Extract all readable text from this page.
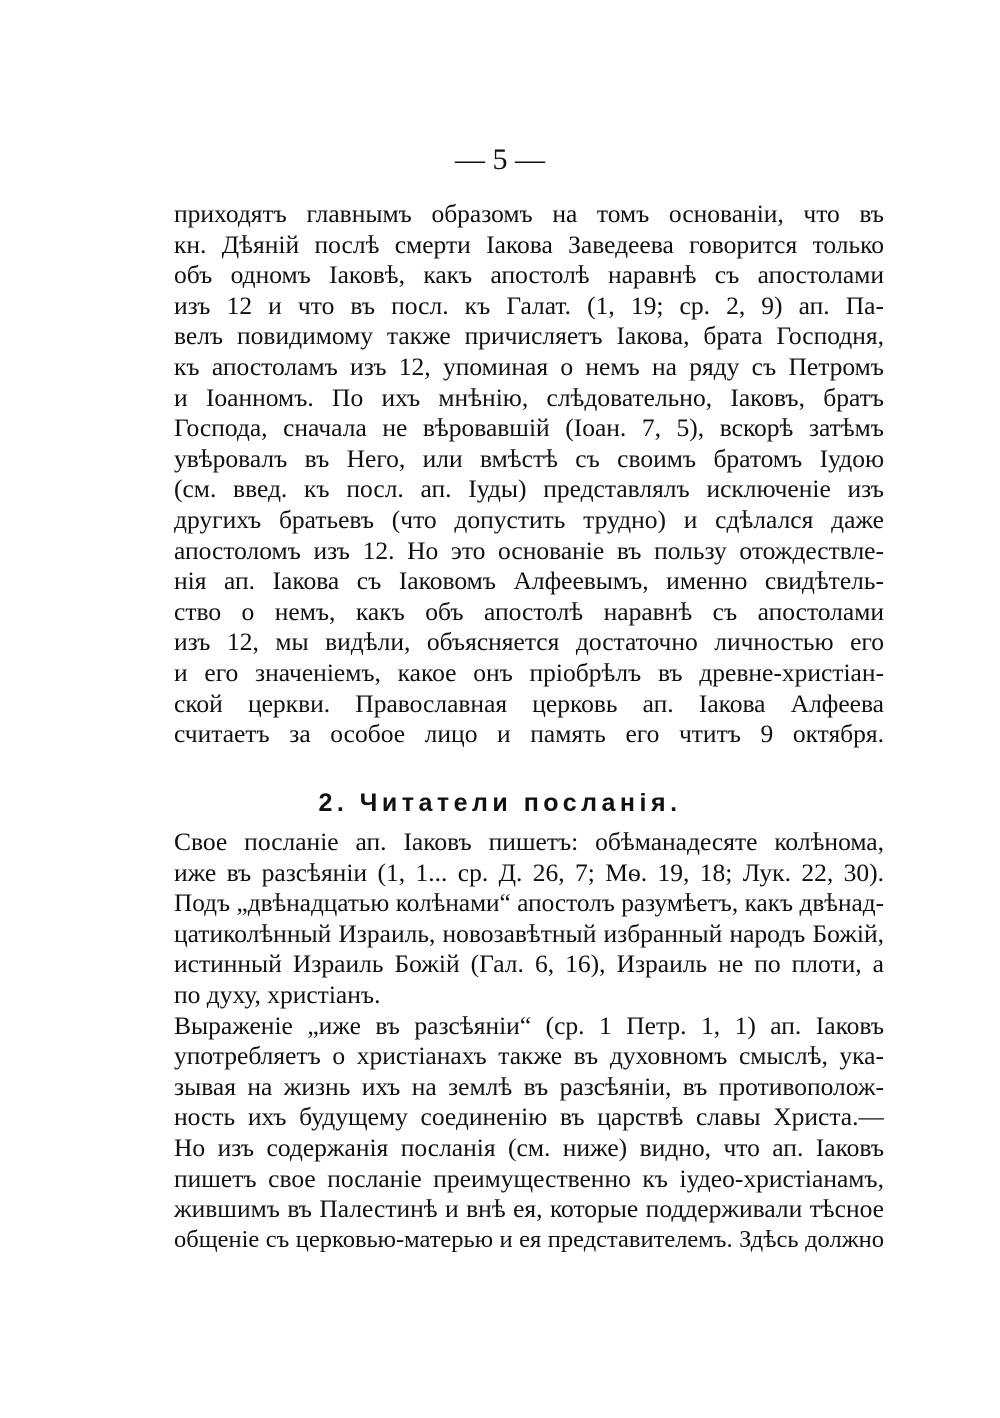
— 5 —
приходятъ главнымъ образомъ на томъ основаніи, что въ
кн. Дѣяній послѣ смерти Іакова Заведеева говорится только
объ одномъ Іаковѣ, какъ апостолѣ наравнѣ съ апостолами
изъ 12 и что въ посл. къ Галат. (1, 19; ср. 2, 9) ап. Па-
велъ повидимому также причисляетъ Іакова, брата Господня,
къ апостоламъ изъ 12, упоминая о немъ на ряду съ Петромъ
и Іоанномъ. По ихъ мнѣнію, слѣдовательно, Іаковъ, братъ
Господа, сначала не вѣровавшій (Іоан. 7, 5), вскорѣ затѣмъ
увѣровалъ въ Него, или вмѣстѣ съ своимъ братомъ Іудою
(см. введ. къ посл. ап. Іуды) представлялъ исключеніе изъ
другихъ братьевъ (что допустить трудно) и сдѣлался даже
апостоломъ изъ 12. Но это основаніе въ пользу отождествле-
нія ап. Іакова съ Іаковомъ Алфеевымъ, именно свидѣтель-
ство о немъ, какъ объ апостолѣ наравнѣ съ апостолами
изъ 12, мы видѣли, объясняется достаточно личностью его
и его значеніемъ, какое онъ пріобрѣлъ въ древне-христіан-
ской церкви. Православная церковь ап. Іакова Алфеева
считаетъ за особое лицо и память его чтитъ 9 октября.
2. Читатели посланія.
Свое посланіе ап. Іаковъ пишетъ: обѣманадесяте колѣнома,
иже въ разсѣяніи (1, 1... ср. Д. 26, 7; Мѳ. 19, 18; Лук. 22, 30).
Подъ „двѣнадцатью колѣнами“ апостолъ разумѣетъ, какъ двѣнад-
цатиколѣнный Израиль, новозавѣтный избранный народъ Божій,
истинный Израиль Божій (Гал. 6, 16), Израиль не по плоти, а
по духу, христіанъ.
Выраженіе „иже въ разсѣяніи“ (ср. 1 Петр. 1, 1) ап. Іаковъ
употребляетъ о христіанахъ также въ духовномъ смыслѣ, ука-
зывая на жизнь ихъ на землѣ въ разсѣяніи, въ противополож-
ность ихъ будущему соединенію въ царствѣ славы Христа.—
Но изъ содержанія посланія (см. ниже) видно, что ап. Іаковъ
пишетъ свое посланіе преимущественно къ іудео-христіанамъ,
жившимъ въ Палестинѣ и внѣ ея, которые поддерживали тѣсное
общеніе съ церковью-матерью и ея представителемъ. Здѣсь должно
